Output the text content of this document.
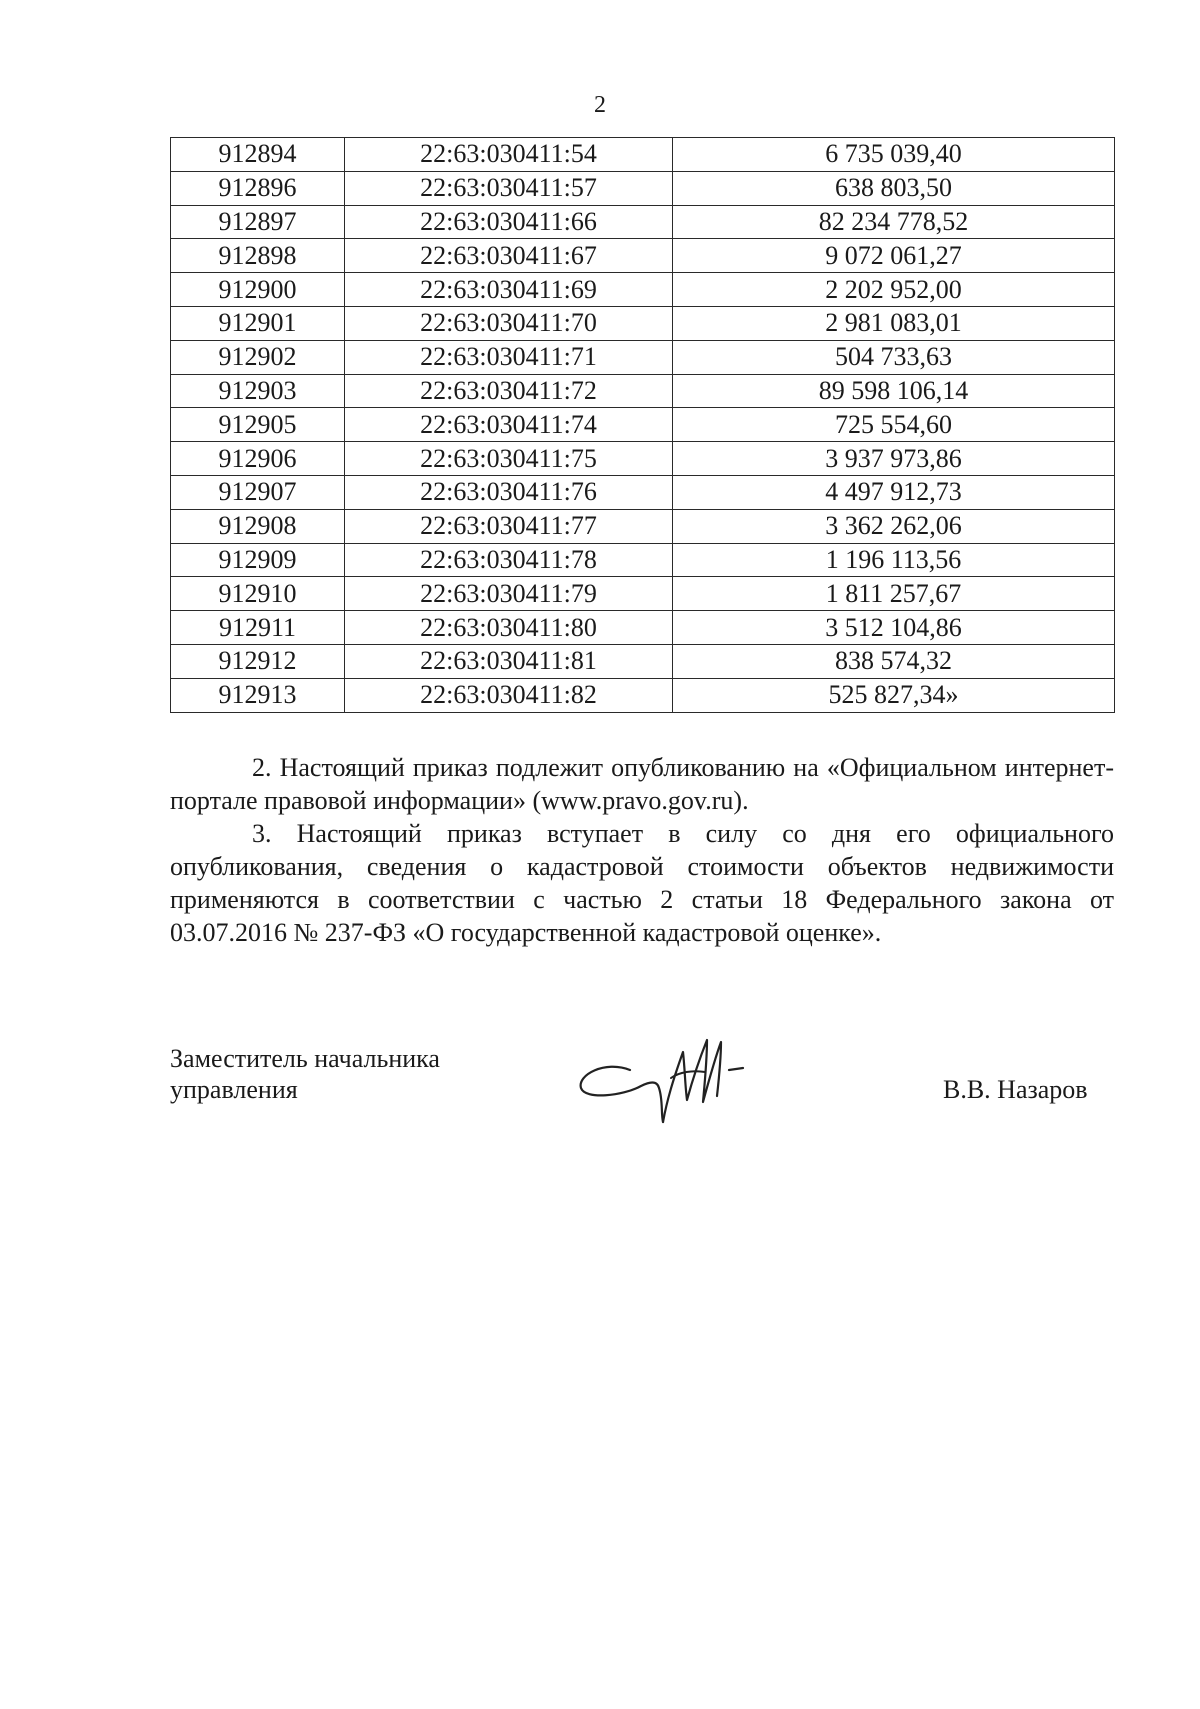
2
912894	22:63:030411:54	6 735 039,40
912896	22:63:030411:57	638 803,50
912897	22:63:030411:66	82 234 778,52
912898	22:63:030411:67	9 072 061,27
912900	22:63:030411:69	2 202 952,00
912901	22:63:030411:70	2 981 083,01
912902	22:63:030411:71	504 733,63
912903	22:63:030411:72	89 598 106,14
912905	22:63:030411:74	725 554,60
912906	22:63:030411:75	3 937 973,86
912907	22:63:030411:76	4 497 912,73
912908	22:63:030411:77	3 362 262,06
912909	22:63:030411:78	1 196 113,56
912910	22:63:030411:79	1 811 257,67
912911	22:63:030411:80	3 512 104,86
912912	22:63:030411:81	838 574,32
912913	22:63:030411:82	525 827,34»
2. Настоящий приказ подлежит опубликованию на «Официальном интернет-портале правовой информации» (www.pravo.gov.ru).
3. Настоящий приказ вступает в силу со дня его официального опубликования, сведения о кадастровой стоимости объектов недвижимости применяются в соответствии с частью 2 статьи 18 Федерального закона от 03.07.2016 № 237-ФЗ «О государственной кадастровой оценке».
Заместитель начальника
управления	В.В. Назаров
